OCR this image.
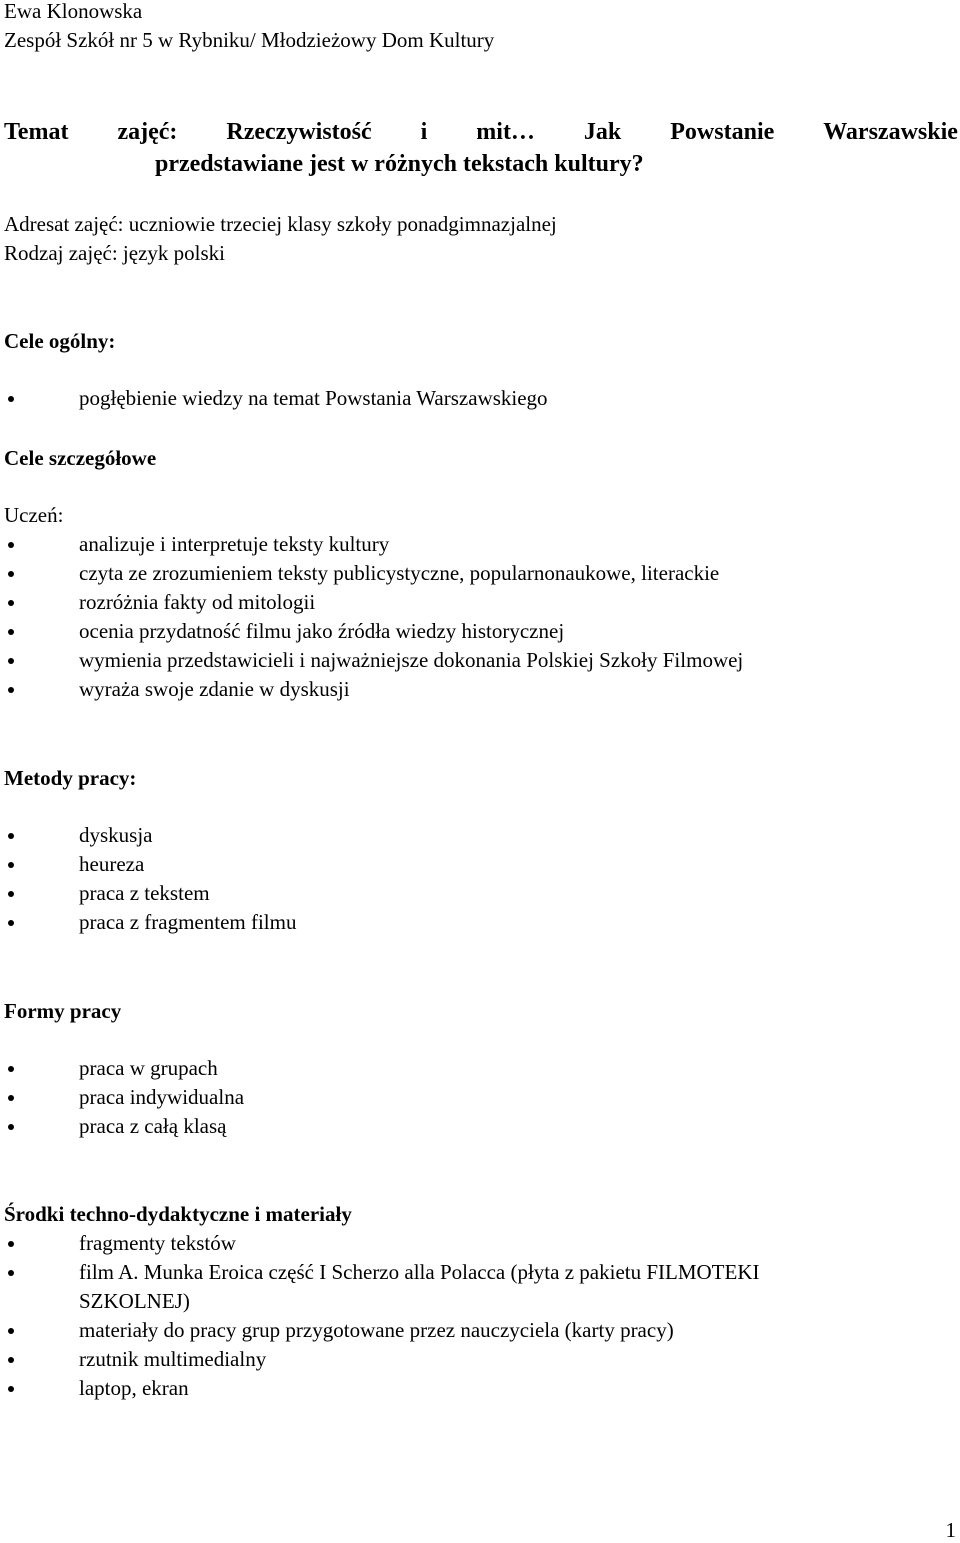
Ewa Klonowska
Zespół Szkół nr 5 w Rybniku/ Młodzieżowy Dom Kultury
Temat zajęć: Rzeczywistość i mit… Jak Powstanie Warszawskie
przedstawiane jest w różnych tekstach kultury?
Adresat zajęć: uczniowie trzeciej klasy szkoły ponadgimnazjalnej
Rodzaj zajęć: język polski
Cele ogólny:
pogłębienie wiedzy na temat Powstania Warszawskiego
Cele szczegółowe
Uczeń:
analizuje i interpretuje teksty kultury
czyta ze zrozumieniem teksty publicystyczne, popularnonaukowe, literackie
rozróżnia fakty od mitologii
ocenia przydatność filmu jako źródła wiedzy historycznej
wymienia przedstawicieli i najważniejsze dokonania Polskiej Szkoły Filmowej
wyraża swoje zdanie w dyskusji
Metody pracy:
dyskusja
heureza
praca z tekstem
praca z fragmentem filmu
Formy pracy
praca w grupach
praca indywidualna
praca z całą klasą
Środki techno-dydaktyczne i materiały
fragmenty tekstów
film A. Munka Eroica część I Scherzo alla Polacca (płyta z pakietu FILMOTEKI
SZKOLNEJ)
materiały do pracy grup przygotowane przez nauczyciela (karty pracy)
rzutnik multimedialny
laptop, ekran
1
